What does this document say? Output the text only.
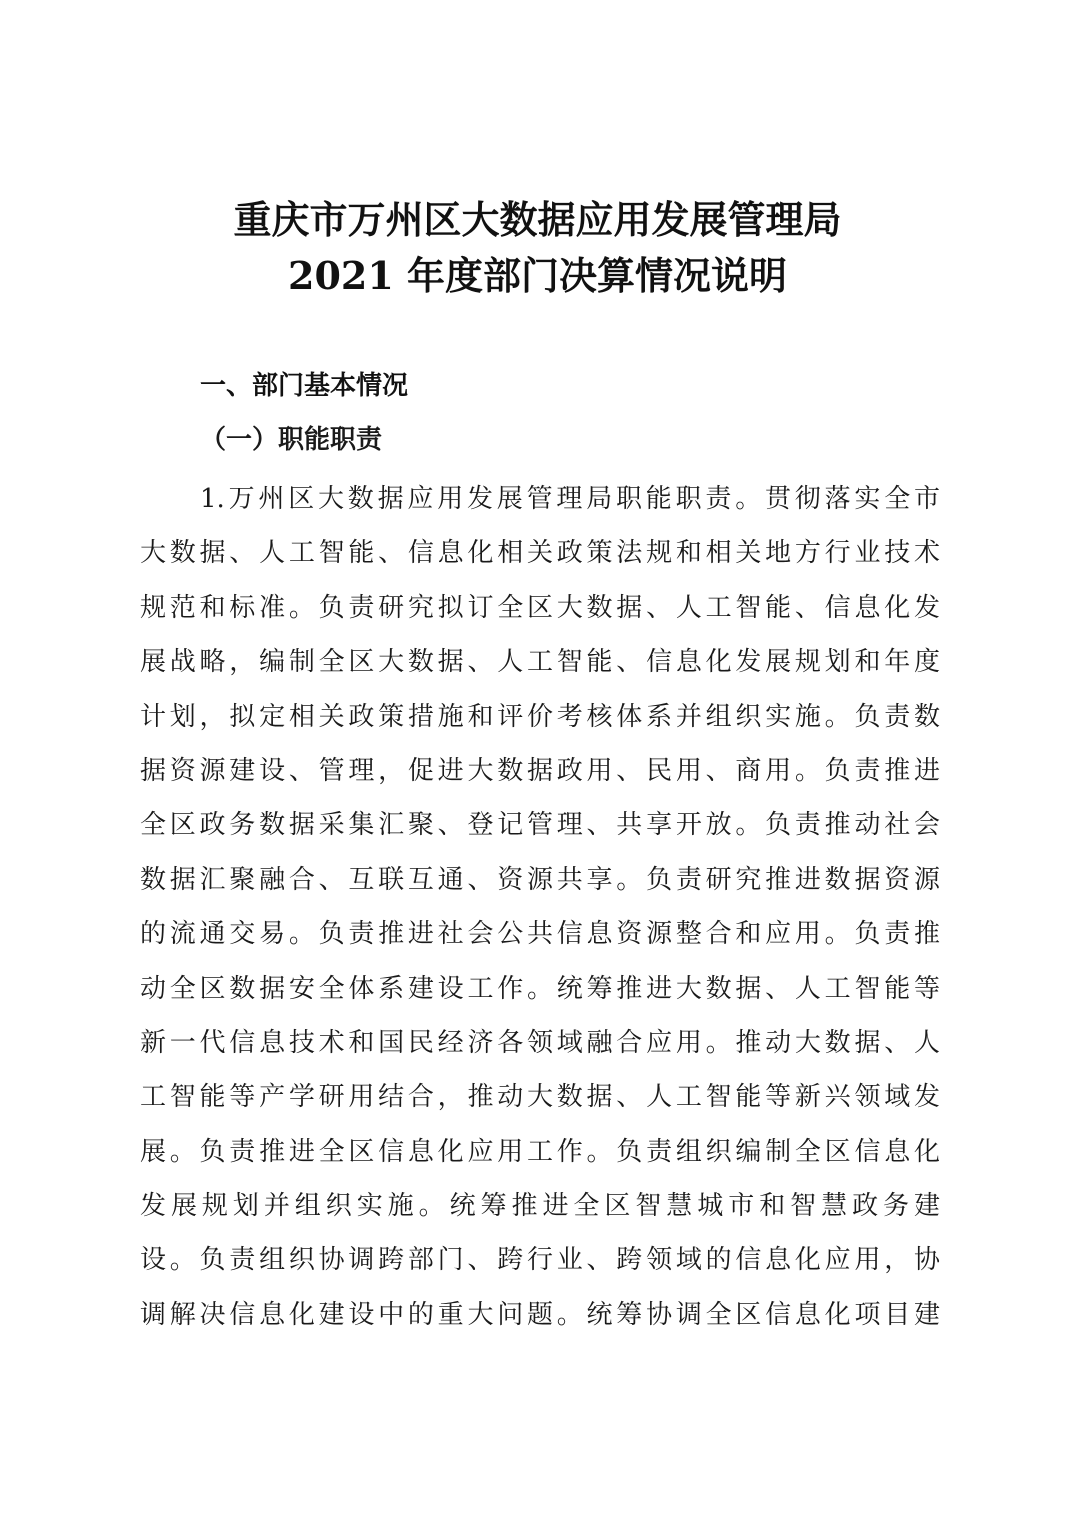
重庆市万州区大数据应用发展管理局
2021 年度部门决算情况说明
一、部门基本情况
（一）职能职责
1.万州区大数据应用发展管理局职能职责。贯彻落实全市
大数据、人工智能、信息化相关政策法规和相关地方行业技术
规范和标准。负责研究拟订全区大数据、人工智能、信息化发
展战略，编制全区大数据、人工智能、信息化发展规划和年度
计划，拟定相关政策措施和评价考核体系并组织实施。负责数
据资源建设、管理，促进大数据政用、民用、商用。负责推进
全区政务数据采集汇聚、登记管理、共享开放。负责推动社会
数据汇聚融合、互联互通、资源共享。负责研究推进数据资源
的流通交易。负责推进社会公共信息资源整合和应用。负责推
动全区数据安全体系建设工作。统筹推进大数据、人工智能等
新一代信息技术和国民经济各领域融合应用。推动大数据、人
工智能等产学研用结合，推动大数据、人工智能等新兴领域发
展。负责推进全区信息化应用工作。负责组织编制全区信息化
发展规划并组织实施。统筹推进全区智慧城市和智慧政务建
设。负责组织协调跨部门、跨行业、跨领域的信息化应用，协
调解决信息化建设中的重大问题。统筹协调全区信息化项目建
